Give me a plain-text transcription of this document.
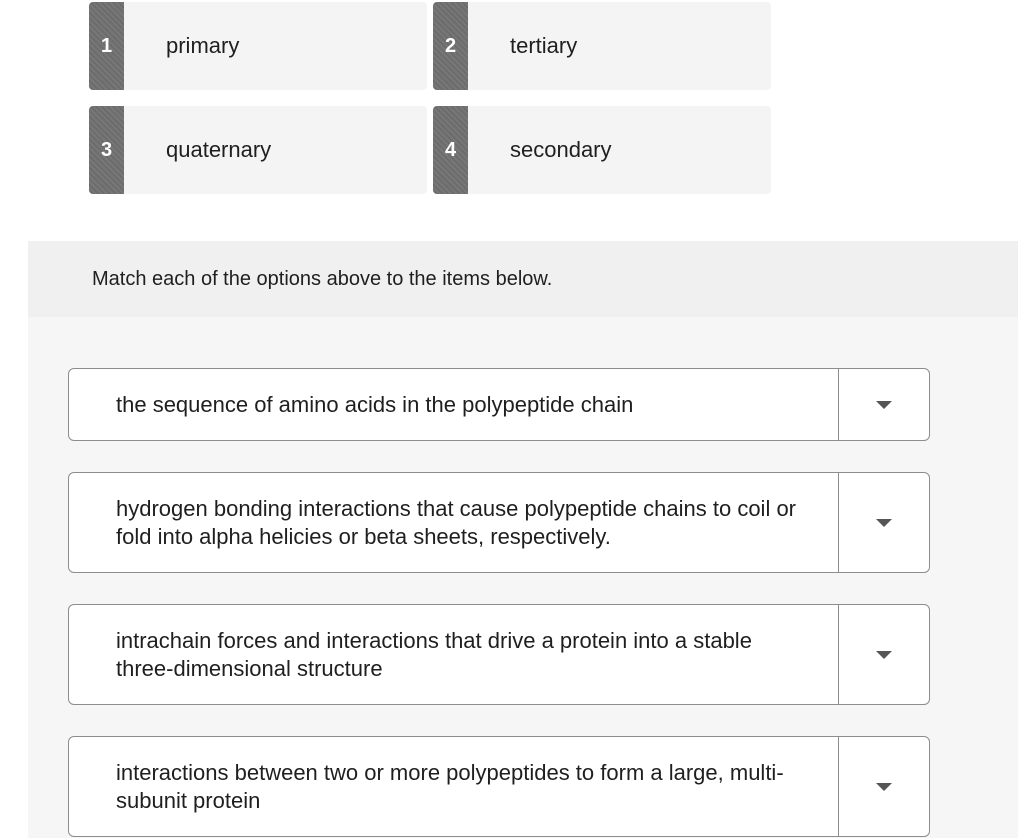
1	primary	2	tertiary
3	quaternary	4	secondary
Match each of the options above to the items below.
the sequence of amino acids in the polypeptide chain
hydrogen bonding interactions that cause polypeptide chains to coil or fold into alpha helicies or beta sheets, respectively.
intrachain forces and interactions that drive a protein into a stable three-dimensional structure
interactions between two or more polypeptides to form a large, multi-subunit protein
